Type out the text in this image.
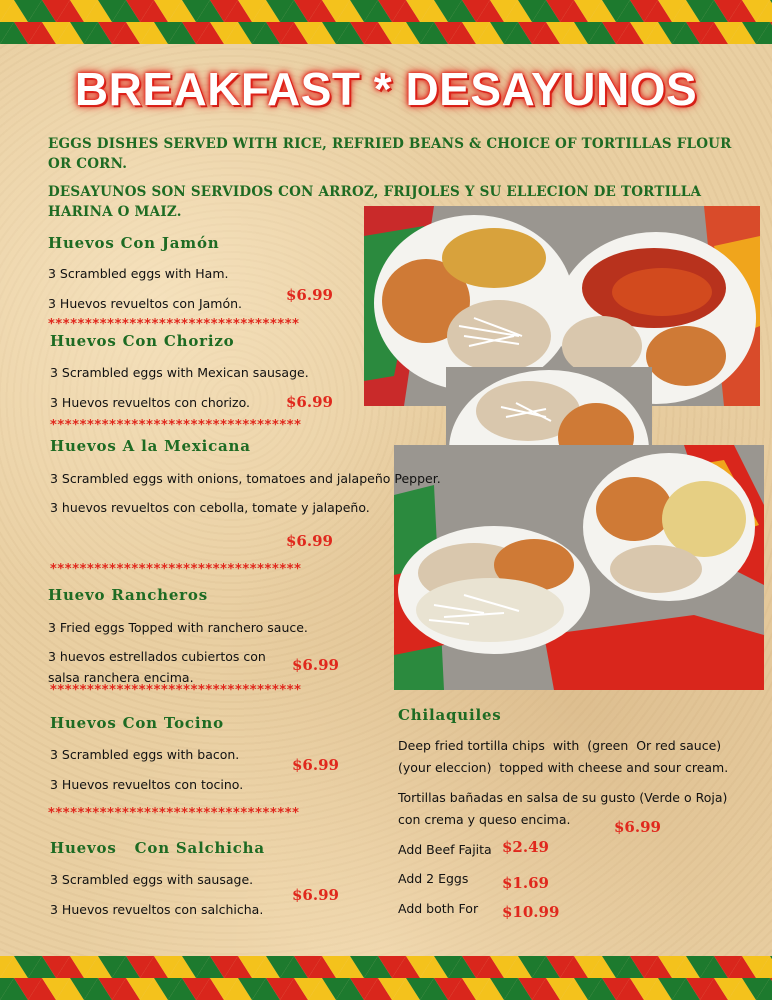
BREAKFAST * DESAYUNOS
EGGS DISHES SERVED WITH RICE, REFRIED BEANS & CHOICE OF TORTILLAS FLOUR OR CORN.
DESAYUNOS SON SERVIDOS CON ARROZ, FRIJOLES Y SU ELLECION DE TORTILLA HARINA O MAIZ.
Huevos Con Jamón
3 Scrambled eggs with Ham.
3 Huevos revueltos con Jamón.	$6.99
**********************************
Huevos Con Chorizo
3 Scrambled eggs with Mexican sausage.
3 Huevos revueltos con chorizo. $6.99
**********************************
Huevos A la Mexicana
3 Scrambled eggs with onions, tomatoes and jalapeño Pepper.
3 huevos revueltos con cebolla, tomate y jalapeño.
$6.99
**********************************
Huevo Rancheros
3 Fried eggs Topped with ranchero sauce.
3 huevos estrellados cubiertos con
salsa ranchera encima.
$6.99
**********************************
Huevos Con Tocino
3 Scrambled eggs with bacon.
3 Huevos revueltos con tocino.
$6.99
**********************************
Huevos   Con Salchicha
3 Scrambled eggs with sausage.
3 Huevos revueltos con salchicha.
$6.99
Chilaquiles
Deep fried tortilla chips  with  (green  Or red sauce)
(your eleccion)  topped with cheese and sour cream.
Tortillas bañadas en salsa de su gusto (Verde o Roja)
con crema y queso encima.	$6.99
Add Beef Fajita $2.49
Add 2 Eggs $1.69
Add both For $10.99
